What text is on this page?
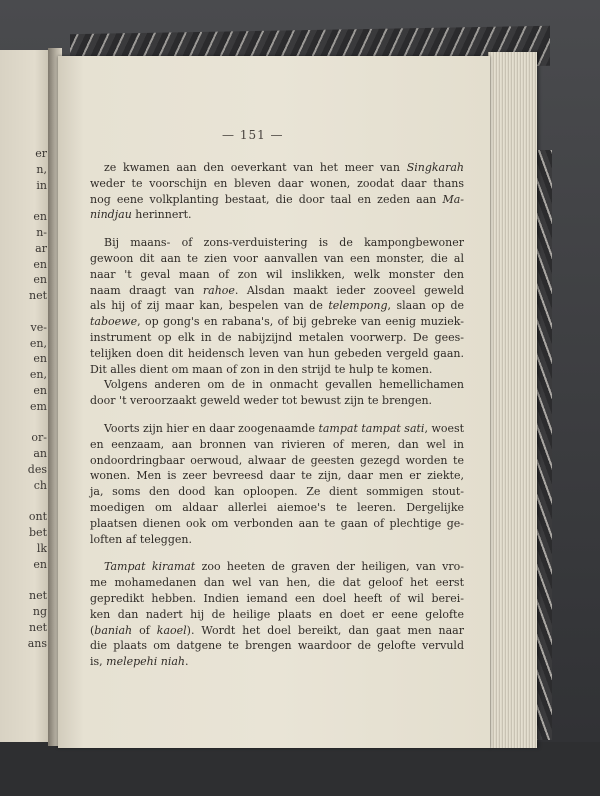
er
n,
in
en
n-
ar
en
en
net
ve-
en,
en
en,
en
em
or-
an
des
ch
ont
bet
lk
en
net
ng
net
ans
— 151 —
ze kwamen aan den oeverkant van het meer van Singkarah
weder te voorschijn en bleven daar wonen, zoodat daar thans
nog eene volkplanting bestaat, die door taal en zeden aan Ma-
nindjau herinnert.
Bij maans- of zons-verduistering is de kampongbewoner
gewoon dit aan te zien voor aanvallen van een monster, die al
naar 't geval maan of zon wil inslikken, welk monster den
naam draagt van rahoe. Alsdan maakt ieder zooveel geweld
als hij of zij maar kan, bespelen van de telempong, slaan op de
taboewe, op gong's en rabana's, of bij gebreke van eenig muziek-
instrument op elk in de nabijzijnd metalen voorwerp. De gees-
telijken doen dit heidensch leven van hun gebeden vergeld gaan.
Dit alles dient om maan of zon in den strijd te hulp te komen.
Volgens anderen om de in onmacht gevallen hemellichamen
door 't veroorzaakt geweld weder tot bewust zijn te brengen.
Voorts zijn hier en daar zoogenaamde tampat tampat sati, woest
en eenzaam, aan bronnen van rivieren of meren, dan wel in
ondoordringbaar oerwoud, alwaar de geesten gezegd worden te
wonen. Men is zeer bevreesd daar te zijn, daar men er ziekte,
ja, soms den dood kan oploopen. Ze dient sommigen stout-
moedigen om aldaar allerlei aiemoe's te leeren. Dergelijke
plaatsen dienen ook om verbonden aan te gaan of plechtige ge-
loften af teleggen.
Tampat kiramat zoo heeten de graven der heiligen, van vro-
me mohamedanen dan wel van hen, die dat geloof het eerst
gepredikt hebben. Indien iemand een doel heeft of wil berei-
ken dan nadert hij de heilige plaats en doet er eene gelofte
(baniah of kaoel). Wordt het doel bereikt, dan gaat men naar
die plaats om datgene te brengen waardoor de gelofte vervuld
is, melepehi niah.
